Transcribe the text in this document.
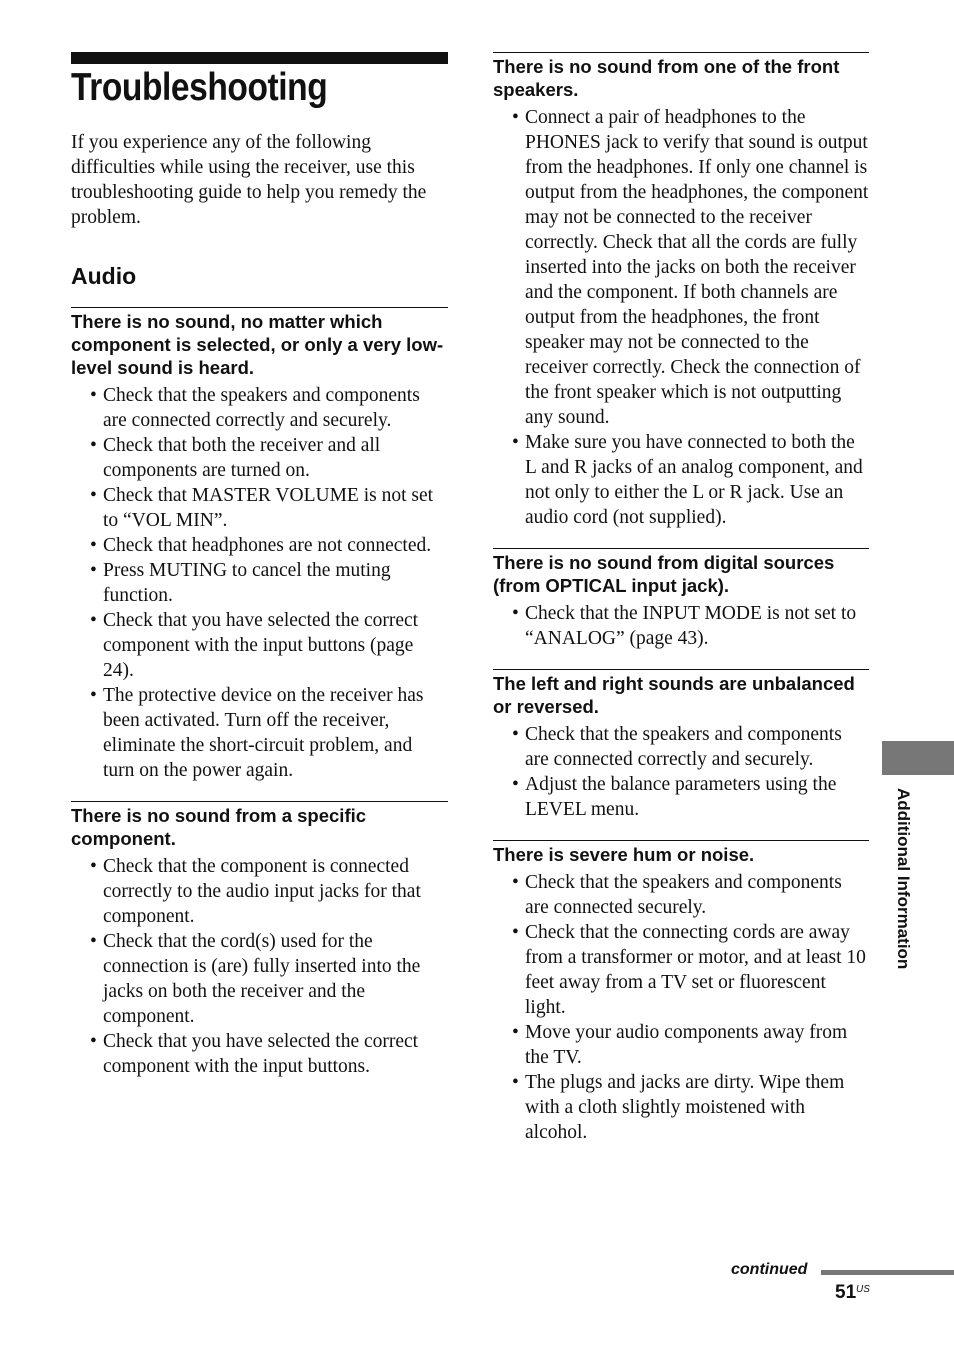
Troubleshooting

If you experience any of the following difficulties while using the receiver, use this troubleshooting guide to help you remedy the problem.

Audio
There is no sound, no matter which component is selected, or only a very low-level sound is heard.
• Check that the speakers and components are connected correctly and securely.
• Check that both the receiver and all components are turned on.
• Check that MASTER VOLUME is not set to “VOL MIN”.
• Check that headphones are not connected.
• Press MUTING to cancel the muting function.
• Check that you have selected the correct component with the input buttons (page 24).
• The protective device on the receiver has been activated. Turn off the receiver, eliminate the short-circuit problem, and turn on the power again.
There is no sound from a specific component.
• Check that the component is connected correctly to the audio input jacks for that component.
• Check that the cord(s) used for the connection is (are) fully inserted into the jacks on both the receiver and the component.
• Check that you have selected the correct component with the input buttons.
There is no sound from one of the front speakers.
• Connect a pair of headphones to the PHONES jack to verify that sound is output from the headphones. If only one channel is output from the headphones, the component may not be connected to the receiver correctly. Check that all the cords are fully inserted into the jacks on both the receiver and the component. If both channels are output from the headphones, the front speaker may not be connected to the receiver correctly. Check the connection of the front speaker which is not outputting any sound.
• Make sure you have connected to both the L and R jacks of an analog component, and not only to either the L or R jack. Use an audio cord (not supplied).
There is no sound from digital sources (from OPTICAL input jack).
• Check that the INPUT MODE is not set to “ANALOG” (page 43).
The left and right sounds are unbalanced or reversed.
• Check that the speakers and components are connected correctly and securely.
• Adjust the balance parameters using the LEVEL menu.
There is severe hum or noise.
• Check that the speakers and components are connected securely.
• Check that the connecting cords are away from a transformer or motor, and at least 10 feet away from a TV set or fluorescent light.
• Move your audio components away from the TV.
• The plugs and jacks are dirty. Wipe them with a cloth slightly moistened with alcohol.
Additional Information
continued
51 US
